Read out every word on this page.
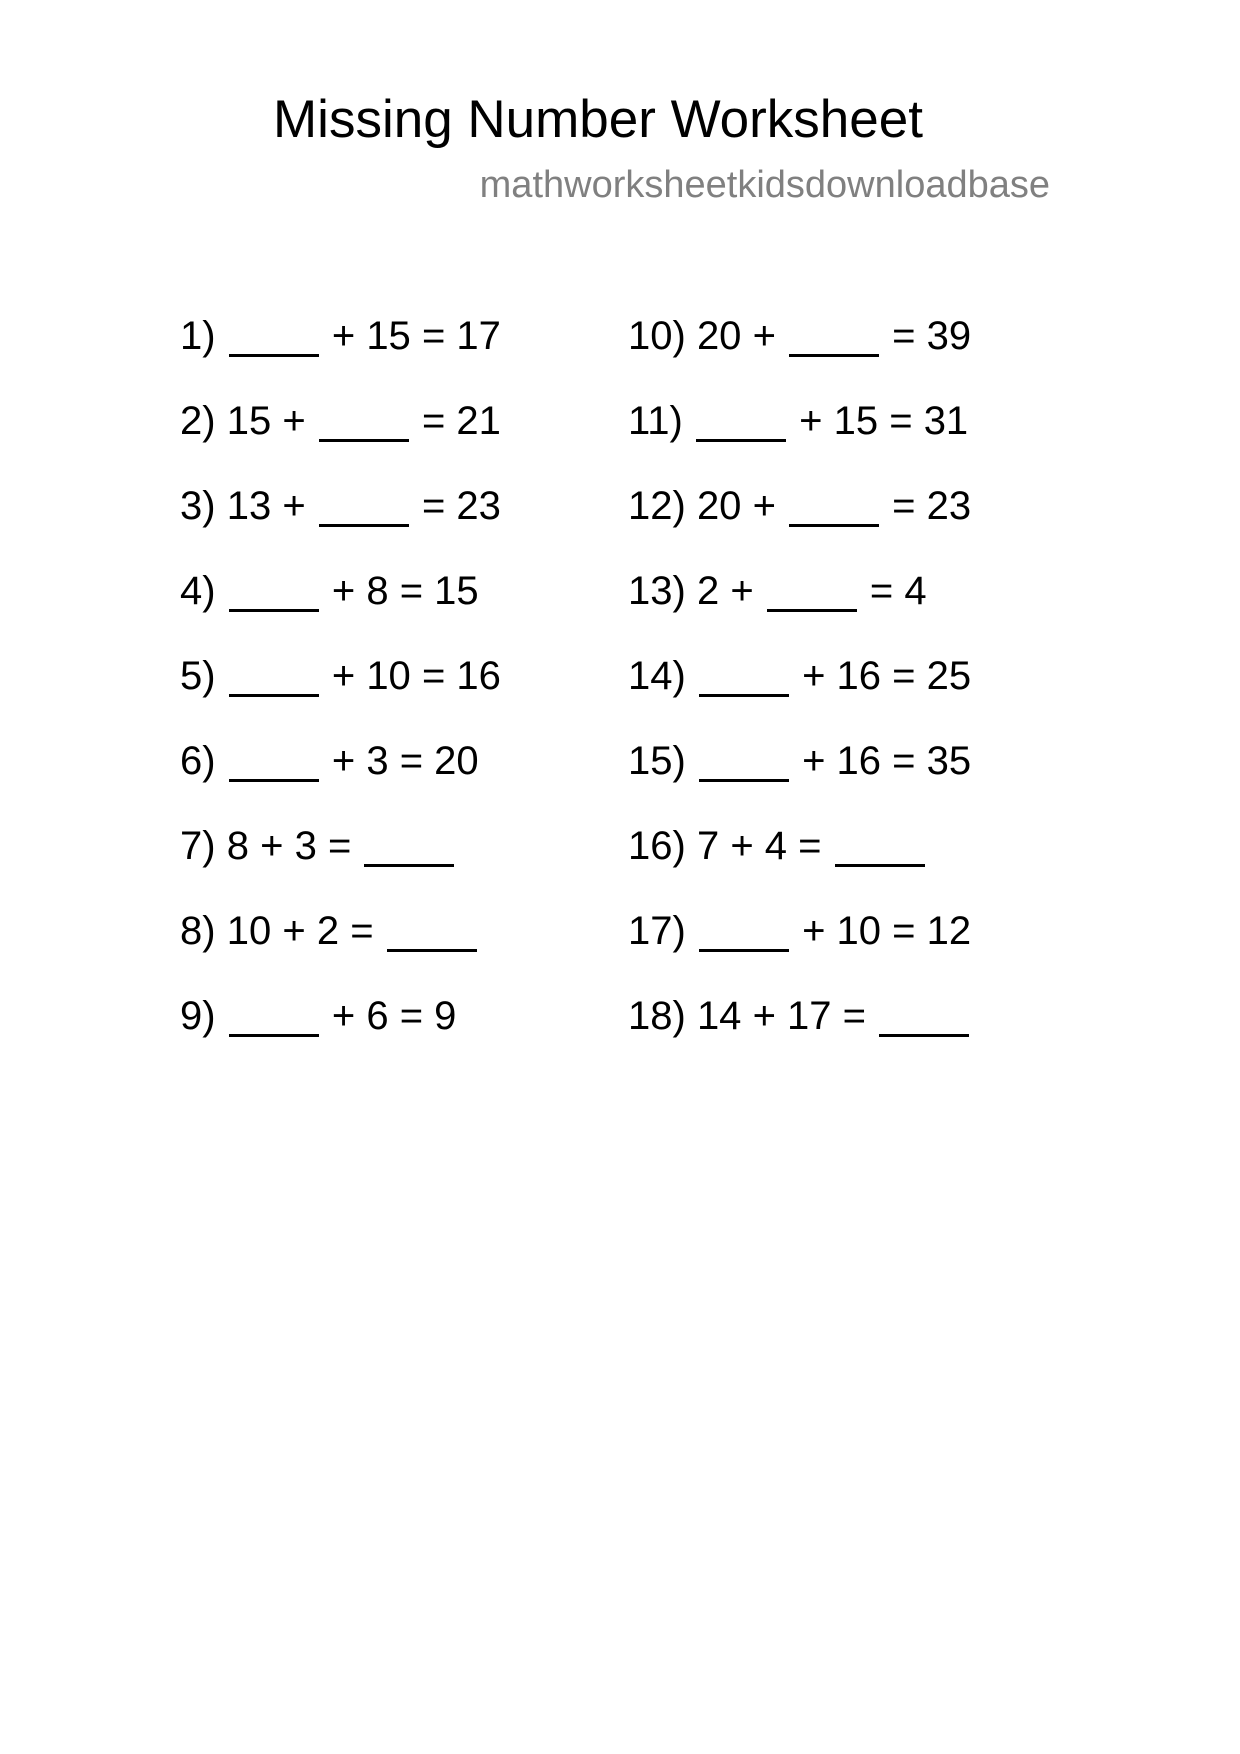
Missing Number Worksheet
mathworksheetkidsdownloadbase
1)	+ 15 = 17
2) 15 +	= 21
3) 13 +	= 23
4)	+ 8 = 15
5)	+ 10 = 16
6)	+ 3 = 20
7) 8 + 3 =
8) 10 + 2 =
9)	+ 6 = 9
10) 20 +	= 39
11)	+ 15 = 31
12) 20 +	= 23
13) 2 +	= 4
14)	+ 16 = 25
15)	+ 16 = 35
16) 7 + 4 =
17)	+ 10 = 12
18) 14 + 17 =
